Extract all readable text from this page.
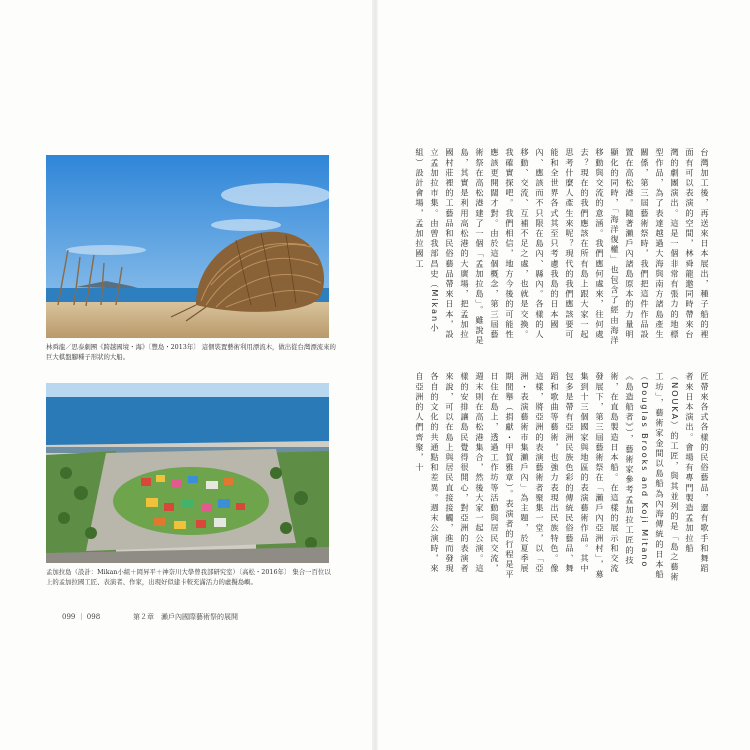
林舜龍／思泰劇團《跨越國境・海》〔豐島・2013年〕 這個裝置藝術利用漂流木，做出從台灣漂流來的巨大棋盤腳種子形狀的大船。
孟加拉島（設計：Mikan小組＋岡昇平＋神奈川大學曾我部研究室）〔高松・2016年〕 集合一百位以上的孟加拉國工匠、表演者、作家，出現好似建卡較充滿活力的虛擬島嶼。
099 ｜ 098	第２章　瀨戶內國際藝術祭的展開
台灣加工後，再送來日本展出，種子船的裡面有可以表演的空間，林舜龍邀同時帶來台灣的劇團演出。這是一個非常有張力的地標型作品，為了表達越過大海與南方諸島產生關係，第三屆藝術祭時，我們把這件作品設置在高松港。隨著瀨戶內諸島原本的力量明顯化的同時，「海洋復權」也包含了經由海洋移動與交流的意涵。我們應何處來，往何處去？現在的我們應該在所有島上跟大家一起思考什麼人產生來呢？現代的我們應該要可能和全世界各式其至只考慮我島的日本國內、應該而不只限在島內、縣內。各樣的人移動、交流、互補不足之處，也就是交換。我確實探吧。我們相信，地方今後的可能性應該更開闊才對。由於這個概念，第三屆藝術祭在高松港建了一個「孟加拉島」。雖說是島，其實是利用高松港的大廣場，把孟加拉國村莊裡的工藝品和民俗藝品帶來日本，設立孟加拉市集。由曾我部昌史（Mikan小組）設計會場，孟加拉國工
匠帶來各式各樣的民俗藝品，還有歌手和舞蹈者來日本演出。會場有專門製造孟加拉船（NOUKA）的工匠，與其並列的是「島之藝術工坊」，藝術家金間以島船為內海傳統的日本船（Douglas Brooks and Koji Mitano《島造船者》），藝術家參考孟加拉工匠的技術，在直島製造日本船。在這樣的展示和交流發展下，第三屆藝術祭在「瀨戶內亞洲村」，募集到十三個國家與地區的表演藝術作品。其中包多是帶有亞洲民族色彩的傳統民俗藝品、舞蹈和歌曲等藝術，也強力表現出民族特色。像這樣，將亞洲的表演藝術者聚集一堂，以「亞洲・表演藝術市集瀨戶內」為主題，於夏季展期間舉（捐獻・甲賀雅章）。表演者的行程是平日住在島上，透過工作坊等活動與居民交流，週末則在高松港集合，然後大家一起公演。這樣的安排讓島民覺得很開心，對亞洲的表演者來說，可以在島上與居民直接接觸，進而發現各自的文化的共通點和差異。週末公演時，來自亞洲的人們齊聚，十
